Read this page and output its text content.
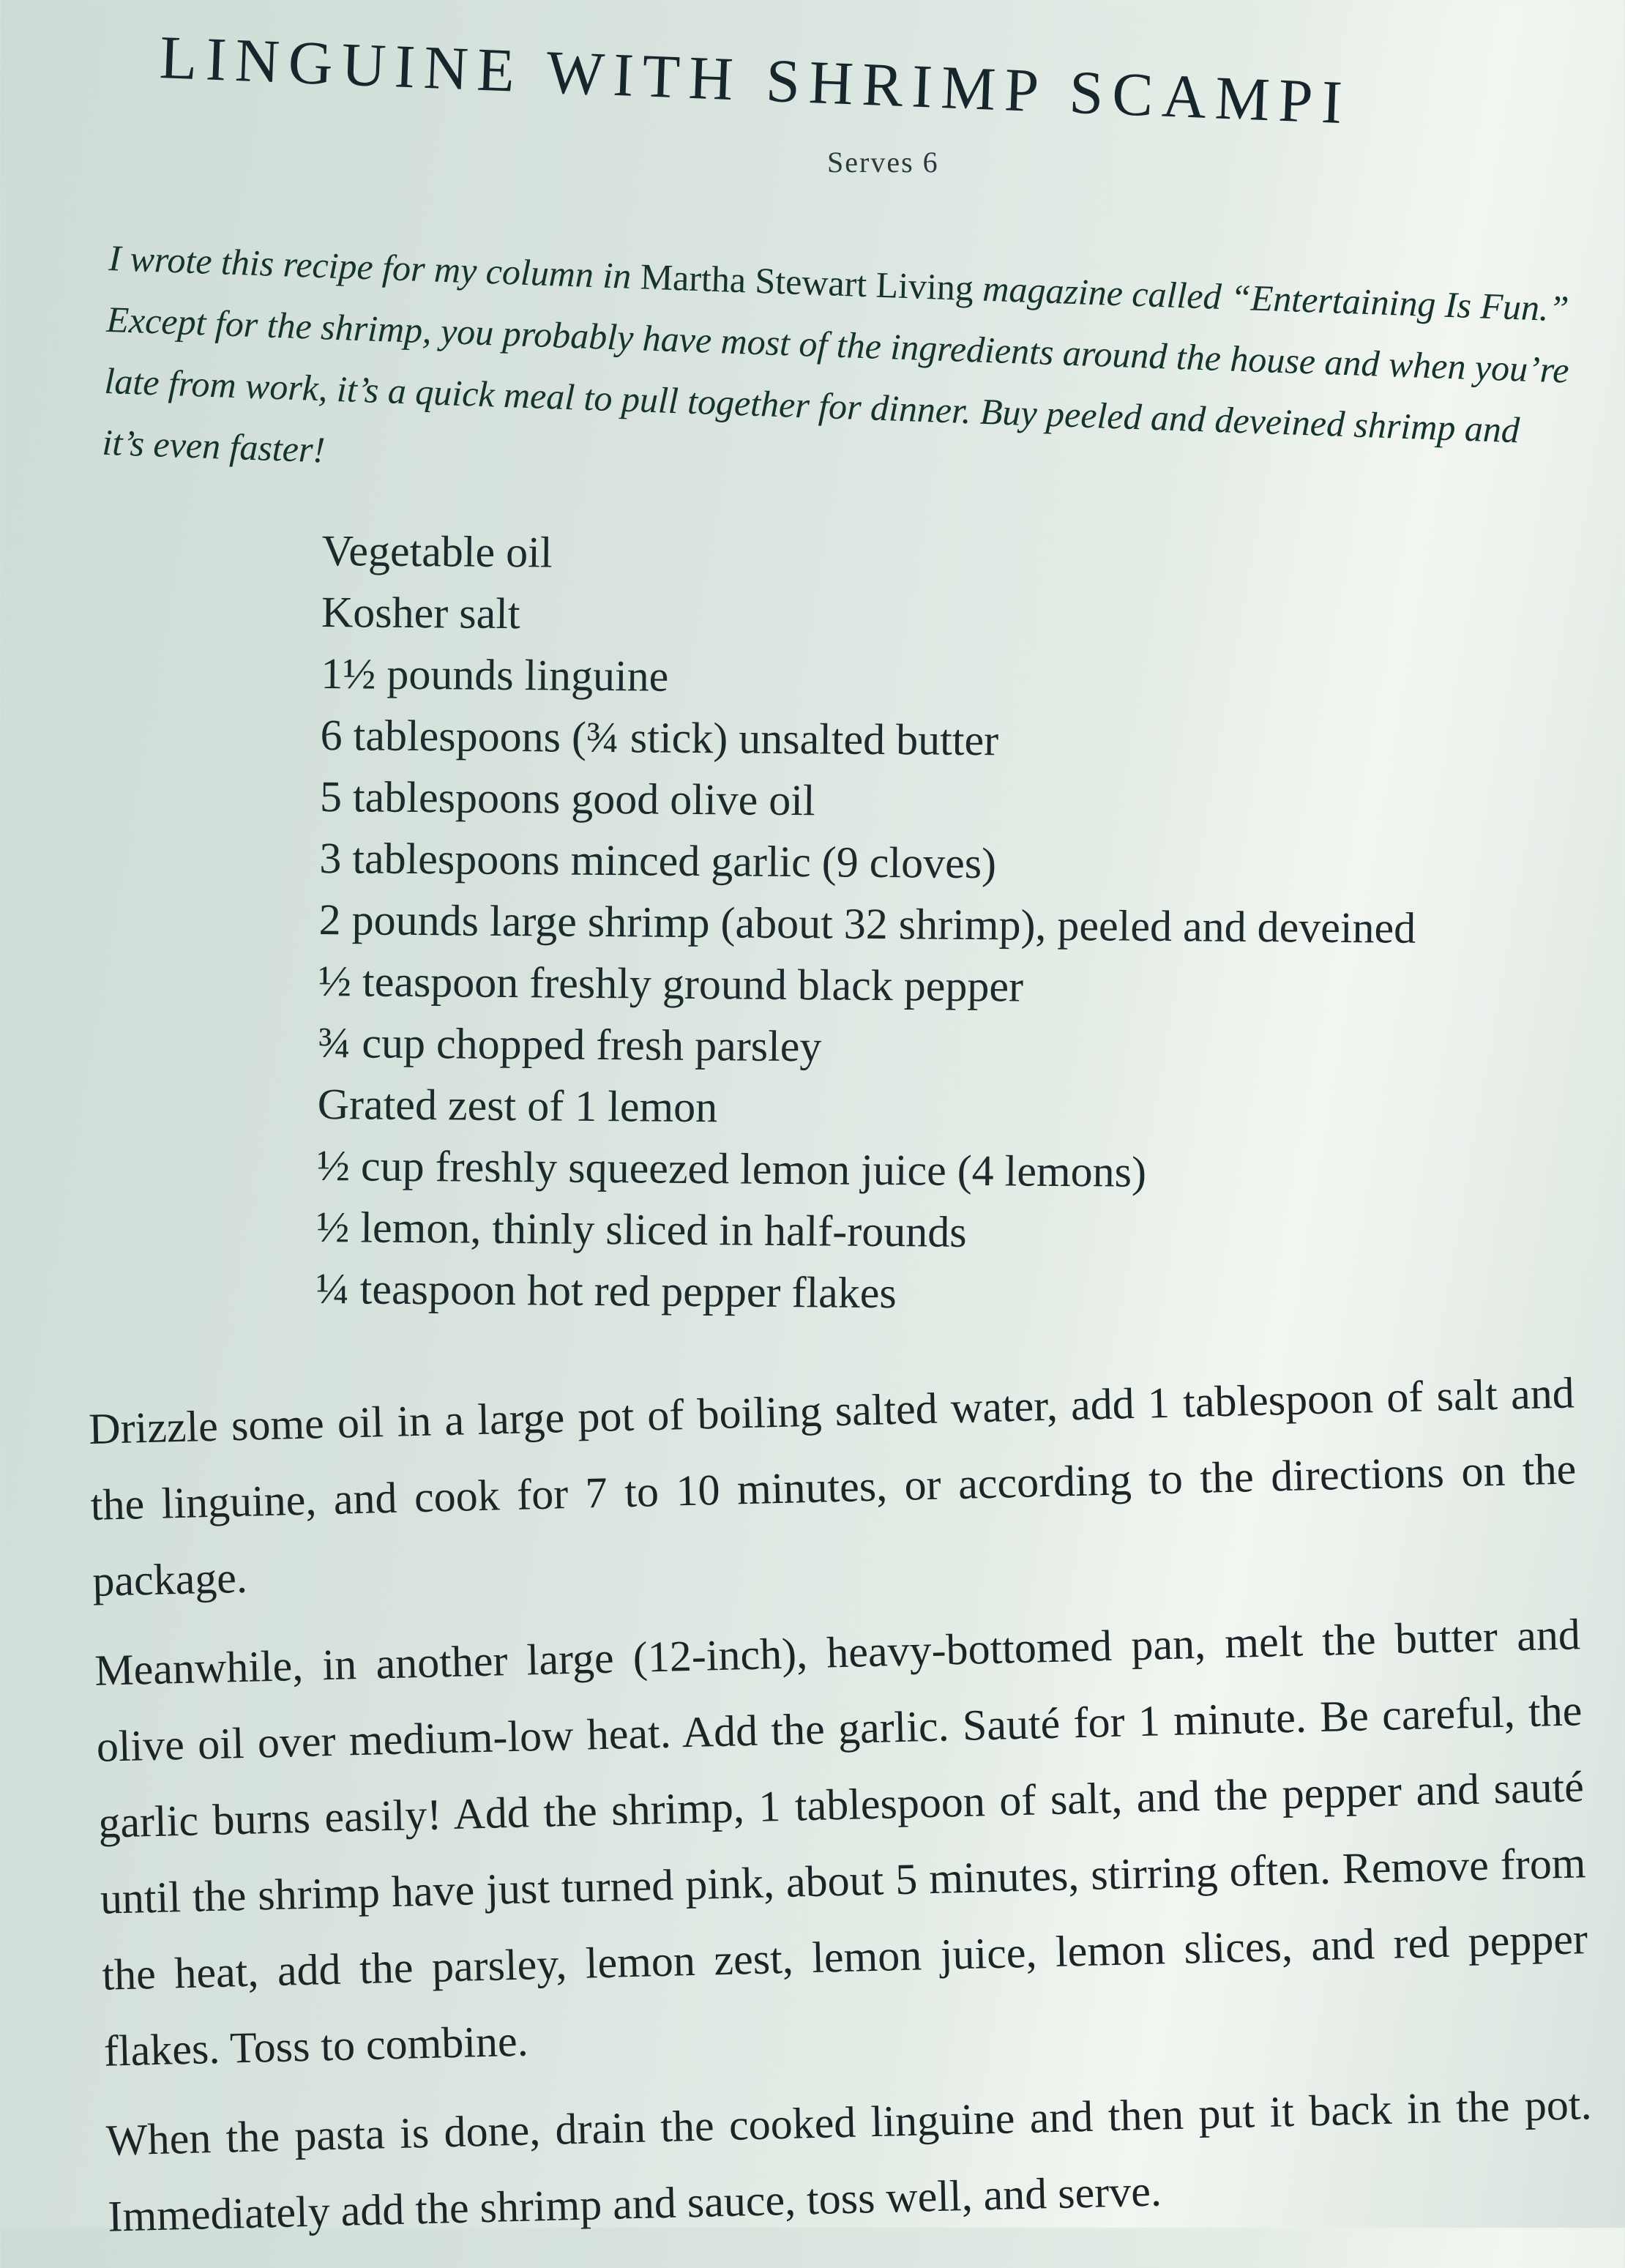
LINGUINE WITH SHRIMP SCAMPI
Serves 6
I wrote this recipe for my column in Martha Stewart Living magazine called “Entertaining Is Fun.” Except for the shrimp, you probably have most of the ingredients around the house and when you’re late from work, it’s a quick meal to pull together for dinner. Buy peeled and deveined shrimp and it’s even faster!
Vegetable oil
Kosher salt
1½ pounds linguine
6 tablespoons (¾ stick) unsalted butter
5 tablespoons good olive oil
3 tablespoons minced garlic (9 cloves)
2 pounds large shrimp (about 32 shrimp), peeled and deveined
½ teaspoon freshly ground black pepper
¾ cup chopped fresh parsley
Grated zest of 1 lemon
½ cup freshly squeezed lemon juice (4 lemons)
½ lemon, thinly sliced in half-rounds
¼ teaspoon hot red pepper flakes

Drizzle some oil in a large pot of boiling salted water, add 1 tablespoon of salt and the linguine, and cook for 7 to 10 minutes, or according to the directions on the package.

Meanwhile, in another large (12-inch), heavy-bottomed pan, melt the butter and olive oil over medium-low heat. Add the garlic. Sauté for 1 minute. Be careful, the garlic burns easily! Add the shrimp, 1 tablespoon of salt, and the pepper and sauté until the shrimp have just turned pink, about 5 minutes, stirring often. Remove from the heat, add the parsley, lemon zest, lemon juice, lemon slices, and red pepper flakes. Toss to combine.

When the pasta is done, drain the cooked linguine and then put it back in the pot. Immediately add the shrimp and sauce, toss well, and serve.
